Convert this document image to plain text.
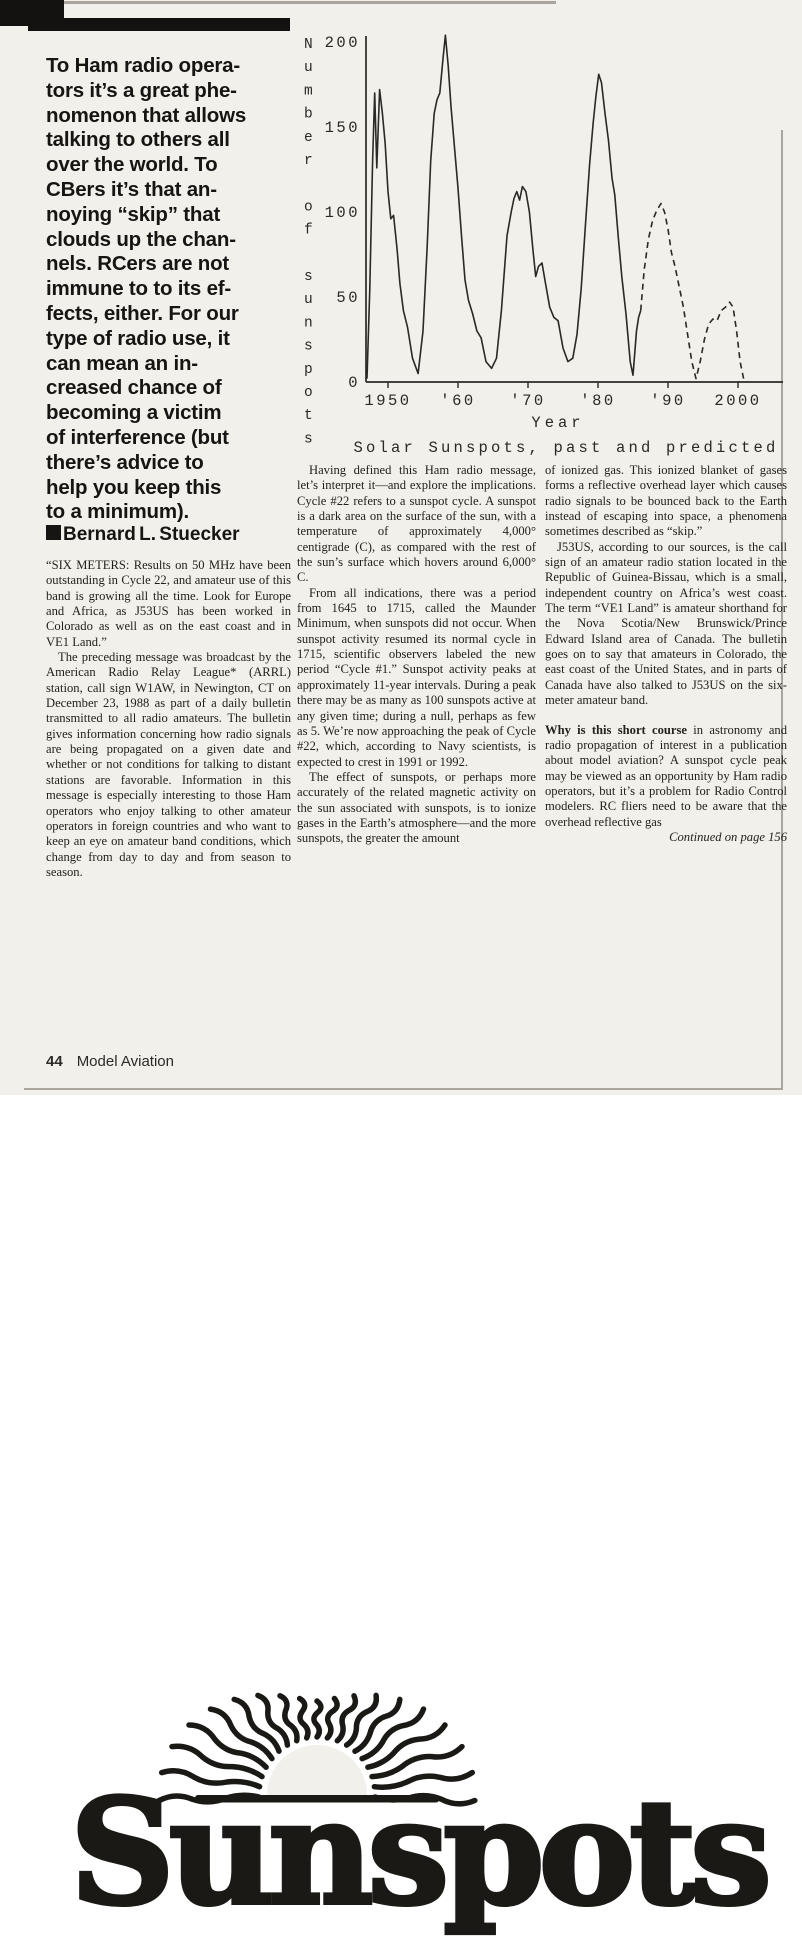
To Ham radio opera-
tors it’s a great phe-
nomenon that allows
talking to others all
over the world. To
CBers it’s that an-
noying “skip” that
clouds up the chan-
nels. RCers are not
immune to to its ef-
fects, either. For our
type of radio use, it
can mean an in-
creased chance of
becoming a victim
of interference (but
there’s advice to
help you keep this
to a minimum).
Bernard L. Stuecker
0
50
100
150
200
1950 '60 '70 '80 '90 2000
N
u
m
b
e
r
o
f
s
u
n
s
p
o
t
s
Year
Solar Sunspots, past and predicted

“SIX METERS: Results on 50 MHz have been outstanding in Cycle 22, and amateur use of this band is growing all the time. Look for Europe and Africa, as J53US has been worked in Colorado as well as on the east coast and in VE1 Land.”

The preceding message was broadcast by the American Radio Relay League* (ARRL) station, call sign W1AW, in Newington, CT on December 23, 1988 as part of a daily bulletin transmitted to all radio amateurs. The bulletin gives information concerning how radio signals are being propagated on a given date and whether or not conditions for talking to distant stations are favorable. Information in this message is especially interesting to those Ham operators who enjoy talking to other amateur operators in foreign countries and who want to keep an eye on amateur band conditions, which change from day to day and from season to season.

Having defined this Ham radio message, let’s interpret it—and explore the implications. Cycle #22 refers to a sunspot cycle. A sunspot is a dark area on the surface of the sun, with a temperature of approximately 4,000° centigrade (C), as compared with the rest of the sun’s surface which hovers around 6,000° C.

From all indications, there was a period from 1645 to 1715, called the Maunder Minimum, when sunspots did not occur. When sunspot activity resumed its normal cycle in 1715, scientific observers labeled the new period “Cycle #1.” Sunspot activity peaks at approximately 11-year intervals. During a peak there may be as many as 100 sunspots active at any given time; during a null, perhaps as few as 5. We’re now approaching the peak of Cycle #22, which, according to Navy scientists, is expected to crest in 1991 or 1992.

The effect of sunspots, or perhaps more accurately of the related magnetic activity on the sun associated with sunspots, is to ionize gases in the Earth’s atmosphere—and the more sunspots, the greater the amount

of ionized gas. This ionized blanket of gases forms a reflective overhead layer which causes radio signals to be bounced back to the Earth instead of escaping into space, a phenomena sometimes described as “skip.”

J53US, according to our sources, is the call sign of an amateur radio station located in the Republic of Guinea-Bissau, which is a small, independent country on Africa’s west coast. The term “VE1 Land” is amateur shorthand for the Nova Scotia/New Brunswick/Prince Edward Island area of Canada. The bulletin goes on to say that amateurs in Colorado, the east coast of the United States, and in parts of Canada have also talked to J53US on the six-meter amateur band.

Why is this short course in astronomy and radio propagation of interest in a publication about model aviation? A sunspot cycle peak may be viewed as an opportunity by Ham radio operators, but it’s a problem for Radio Control modelers. RC fliers need to be aware that the overhead reflective gas

Continued on page 156

Sunspots
44 Model Aviation
